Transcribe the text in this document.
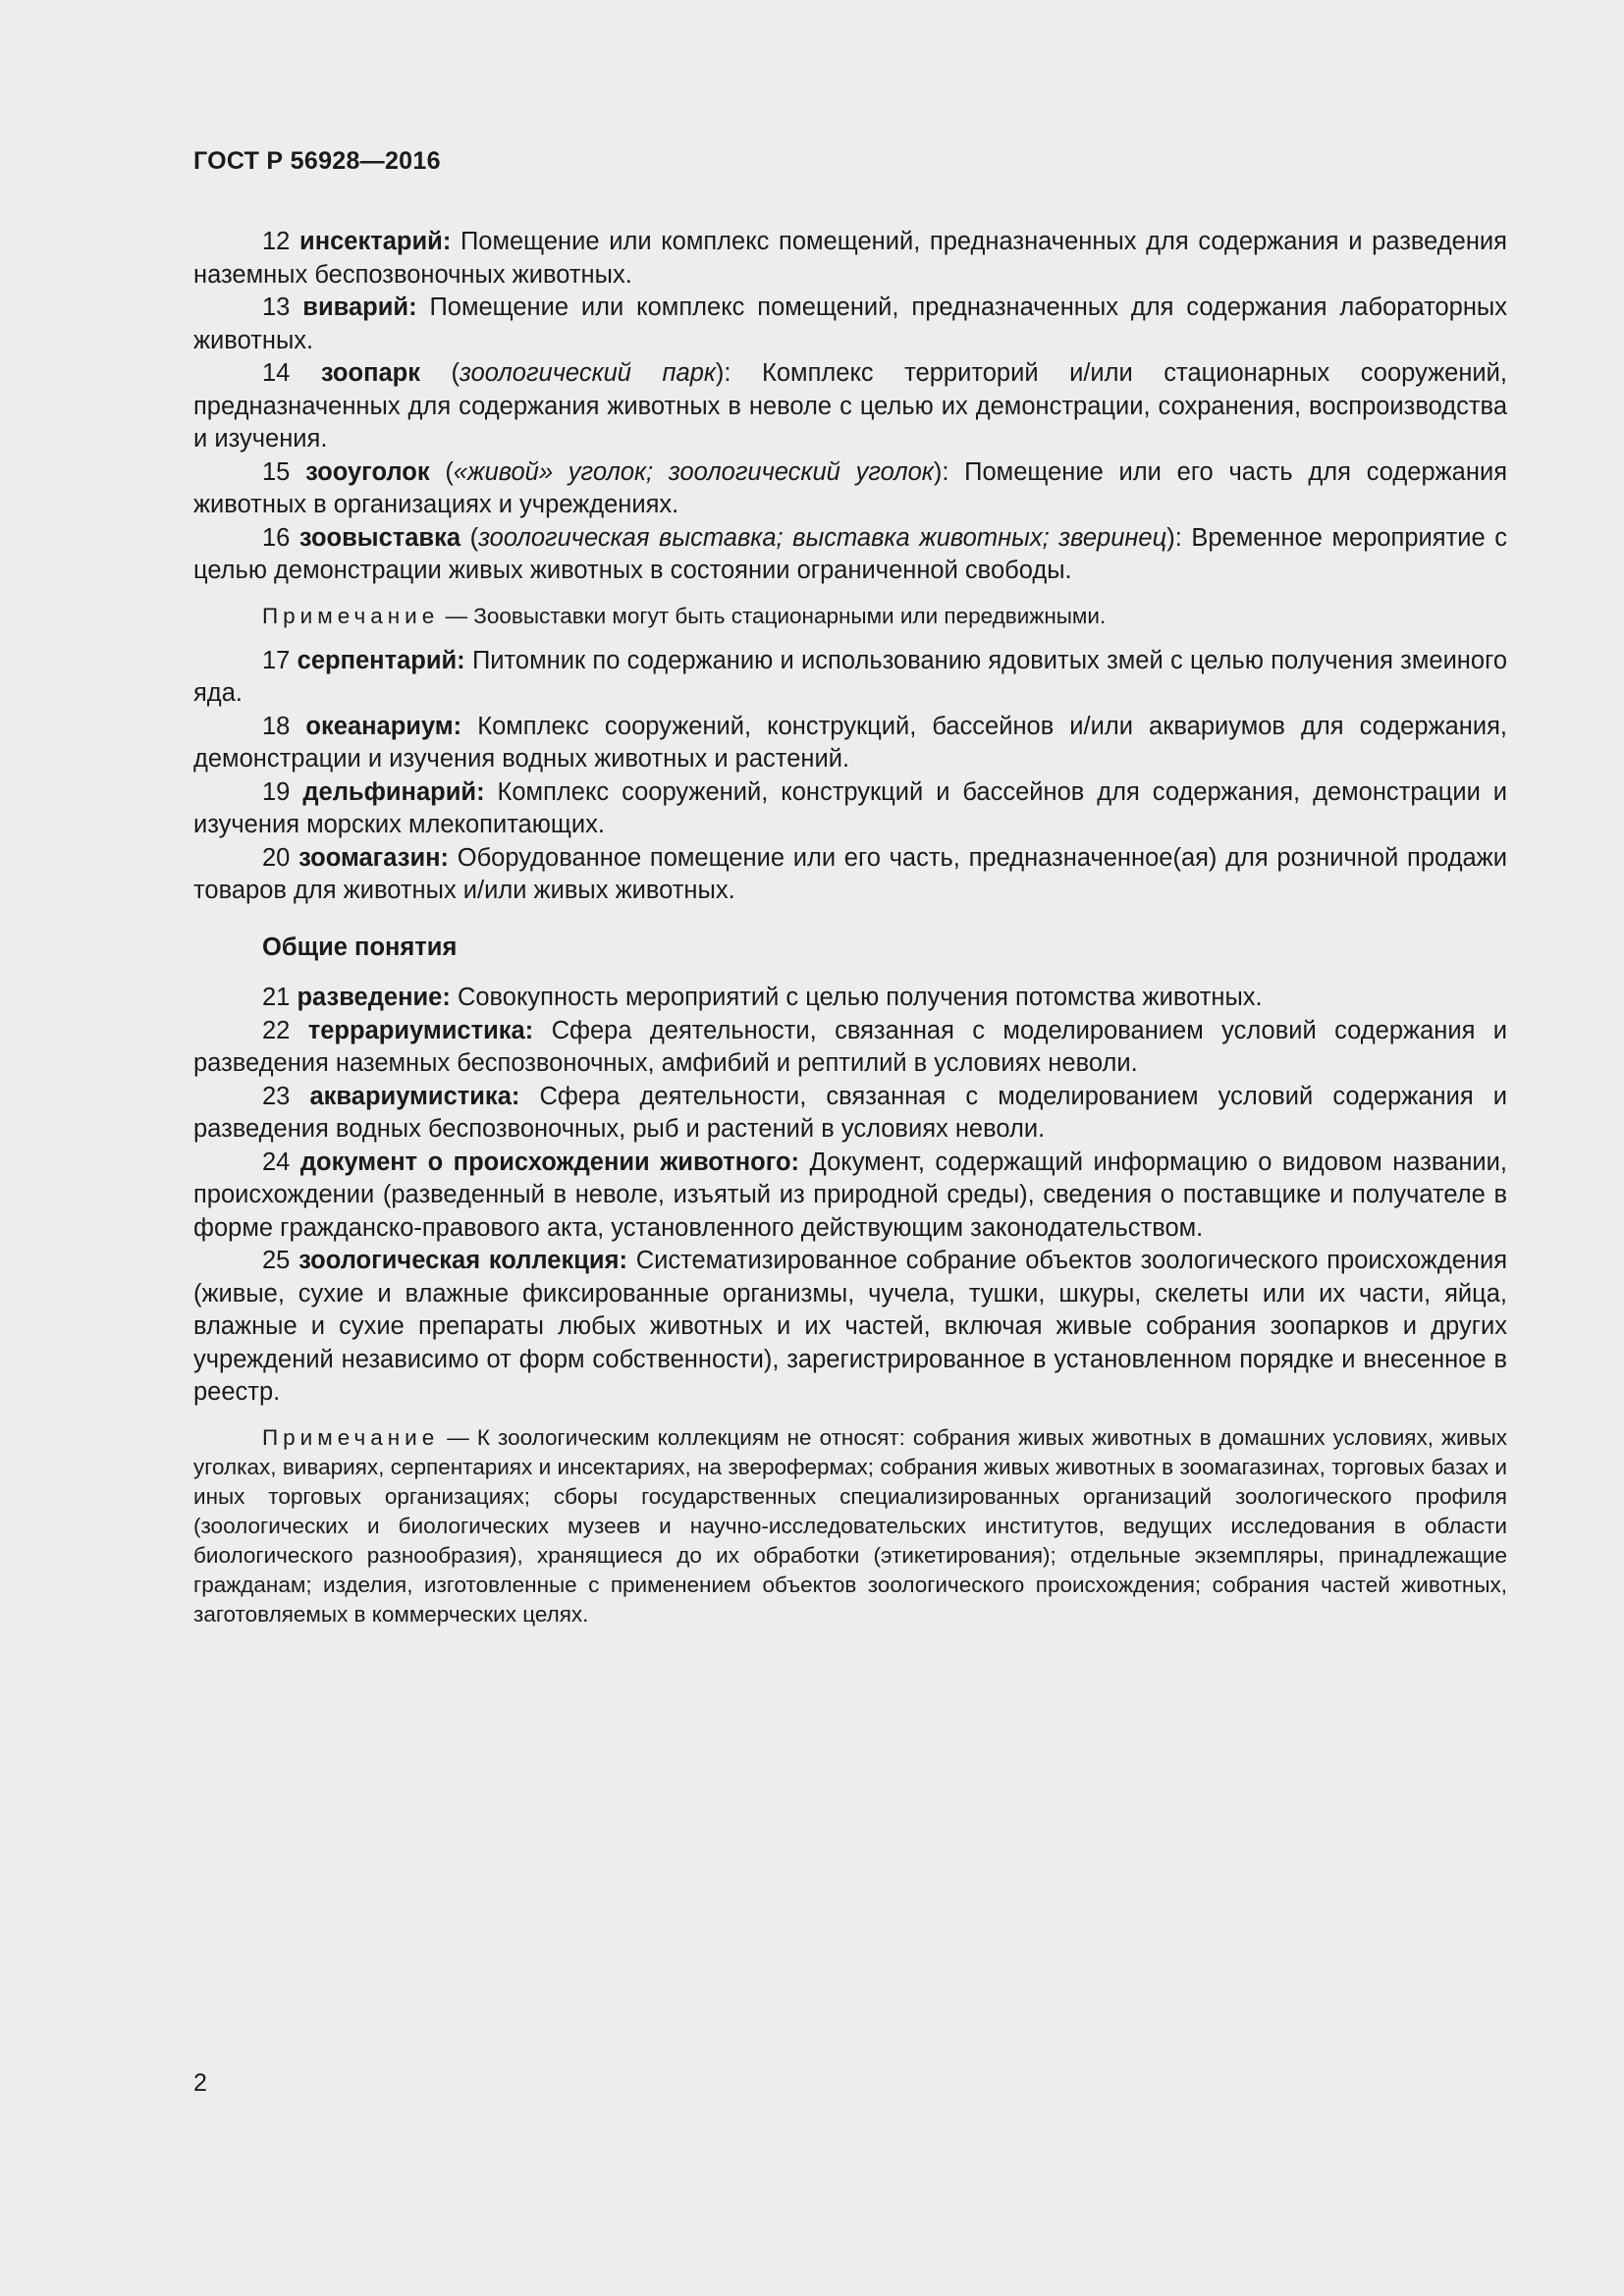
ГОСТ Р 56928—2016

12 инсектарий: Помещение или комплекс помещений, предназначенных для содержания и разведения наземных беспозвоночных животных.

13 виварий: Помещение или комплекс помещений, предназначенных для содержания лабораторных животных.

14 зоопарк (зоологический парк): Комплекс территорий и/или стационарных сооружений, предназначенных для содержания животных в неволе с целью их демонстрации, сохранения, воспроизводства и изучения.

15 зооуголок («живой» уголок; зоологический уголок): Помещение или его часть для содержания животных в организациях и учреждениях.

16 зоовыставка (зоологическая выставка; выставка животных; зверинец): Временное мероприятие с целью демонстрации живых животных в состоянии ограниченной свободы.

Примечание — Зоовыставки могут быть стационарными или передвижными.

17 серпентарий: Питомник по содержанию и использованию ядовитых змей с целью получения змеиного яда.

18 океанариум: Комплекс сооружений, конструкций, бассейнов и/или аквариумов для содержания, демонстрации и изучения водных животных и растений.

19 дельфинарий: Комплекс сооружений, конструкций и бассейнов для содержания, демонстрации и изучения морских млекопитающих.

20 зоомагазин: Оборудованное помещение или его часть, предназначенное(ая) для розничной продажи товаров для животных и/или живых животных.

Общие понятия

21 разведение: Совокупность мероприятий с целью получения потомства животных.

22 террариумистика: Сфера деятельности, связанная с моделированием условий содержания и разведения наземных беспозвоночных, амфибий и рептилий в условиях неволи.

23 аквариумистика: Сфера деятельности, связанная с моделированием условий содержания и разведения водных беспозвоночных, рыб и растений в условиях неволи.

24 документ о происхождении животного: Документ, содержащий информацию о видовом названии, происхождении (разведенный в неволе, изъятый из природной среды), сведения о поставщике и получателе в форме гражданско-правового акта, установленного действующим законодательством.

25 зоологическая коллекция: Систематизированное собрание объектов зоологического происхождения (живые, сухие и влажные фиксированные организмы, чучела, тушки, шкуры, скелеты или их части, яйца, влажные и сухие препараты любых животных и их частей, включая живые собрания зоопарков и других учреждений независимо от форм собственности), зарегистрированное в установленном порядке и внесенное в реестр.

Примечание — К зоологическим коллекциям не относят: собрания живых животных в домашних условиях, живых уголках, вивариях, серпентариях и инсектариях, на зверофермах; собрания живых животных в зоомагазинах, торговых базах и иных торговых организациях; сборы государственных специализированных организаций зоологического профиля (зоологических и биологических музеев и научно-исследовательских институтов, ведущих исследования в области биологического разнообразия), хранящиеся до их обработки (этикетирования); отдельные экземпляры, принадлежащие гражданам; изделия, изготовленные с применением объектов зоологического происхождения; собрания частей животных, заготовляемых в коммерческих целях.

2
